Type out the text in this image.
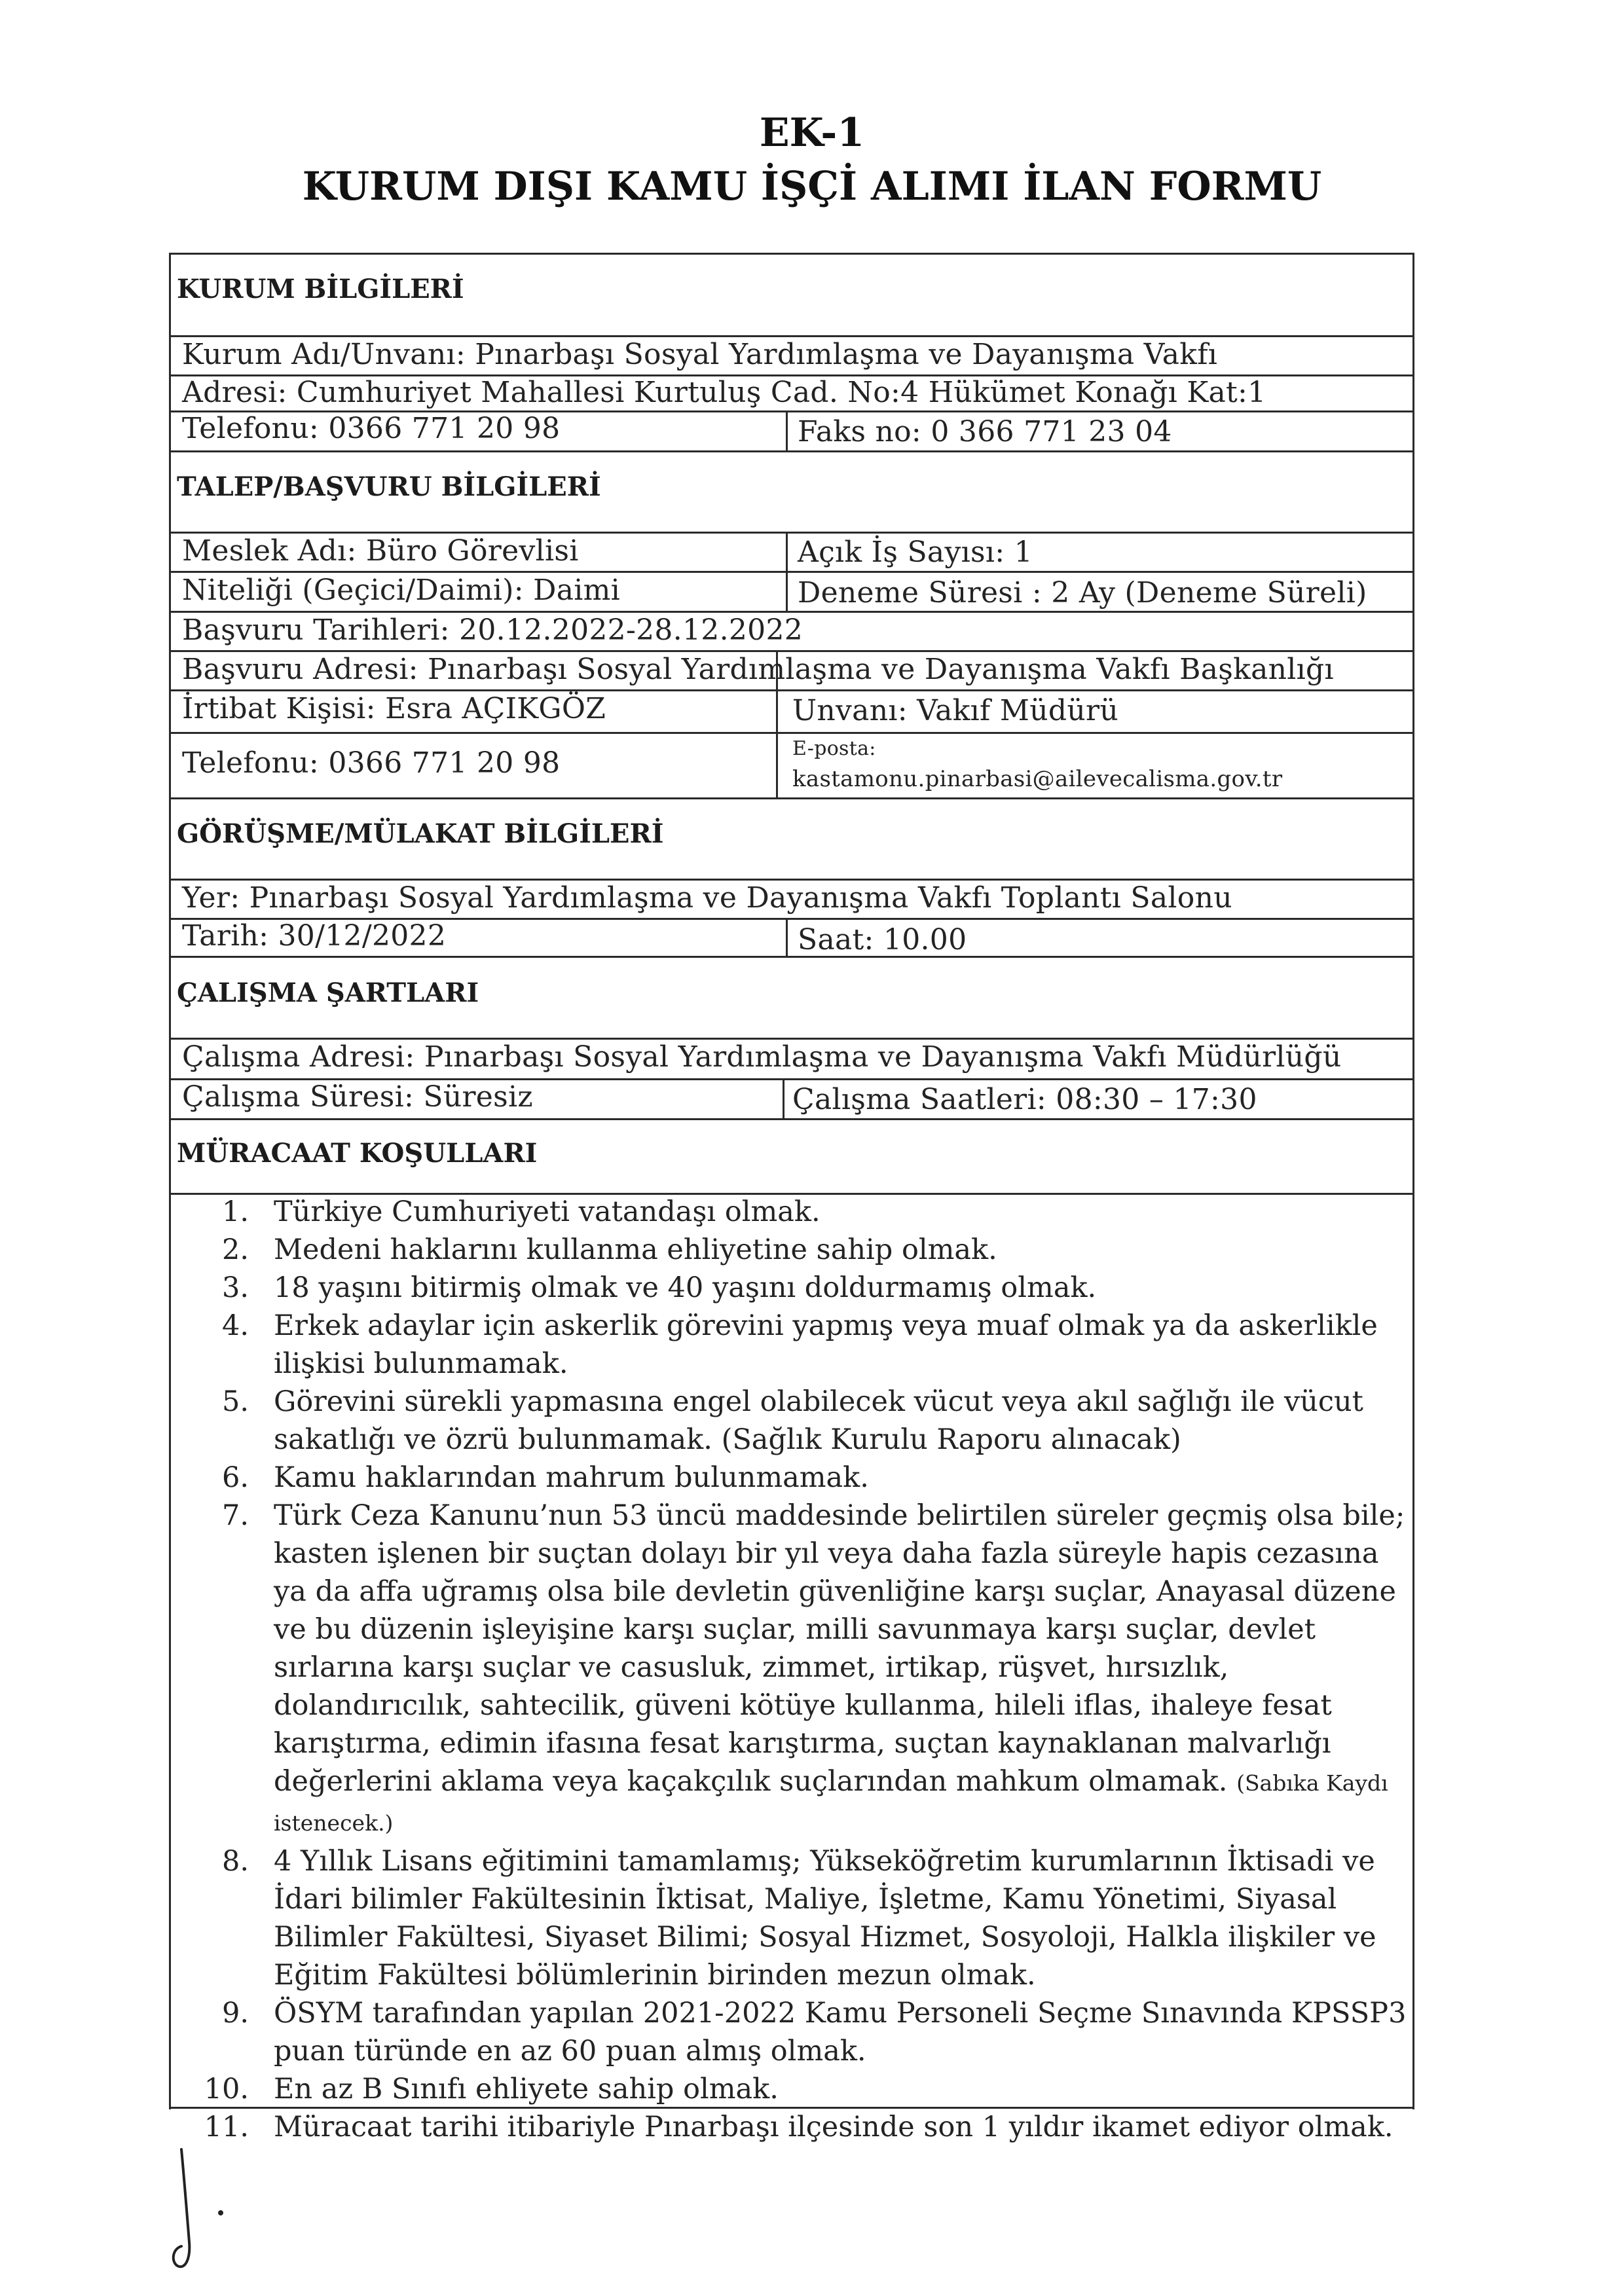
EK-1
KURUM DIŞI KAMU İŞÇİ ALIMI İLAN FORMU
KURUM BİLGİLERİ
Kurum Adı/Unvanı: Pınarbaşı Sosyal Yardımlaşma ve Dayanışma Vakfı
Adresi: Cumhuriyet Mahallesi Kurtuluş Cad. No:4 Hükümet Konağı Kat:1
Telefonu: 0366 771 20 98	Faks no: 0 366 771 23 04
TALEP/BAŞVURU BİLGİLERİ
Meslek Adı: Büro Görevlisi	Açık İş Sayısı: 1
Niteliği (Geçici/Daimi): Daimi	Deneme Süresi : 2 Ay (Deneme Süreli)
Başvuru Tarihleri: 20.12.2022-28.12.2022
Başvuru Adresi: Pınarbaşı Sosyal Yardımlaşma ve Dayanışma Vakfı Başkanlığı
İrtibat Kişisi: Esra AÇIKGÖZ	Unvanı: Vakıf Müdürü
Telefonu: 0366 771 20 98	E-posta:
kastamonu.pinarbasi@ailevecalisma.gov.tr
GÖRÜŞME/MÜLAKAT BİLGİLERİ
Yer: Pınarbaşı Sosyal Yardımlaşma ve Dayanışma Vakfı Toplantı Salonu
Tarih: 30/12/2022	Saat: 10.00
ÇALIŞMA ŞARTLARI
Çalışma Adresi: Pınarbaşı Sosyal Yardımlaşma ve Dayanışma Vakfı Müdürlüğü
Çalışma Süresi: Süresiz	Çalışma Saatleri: 08:30 – 17:30
MÜRACAAT KOŞULLARI
1. Türkiye Cumhuriyeti vatandaşı olmak.
2. Medeni haklarını kullanma ehliyetine sahip olmak.
3. 18 yaşını bitirmiş olmak ve 40 yaşını doldurmamış olmak.
4. Erkek adaylar için askerlik görevini yapmış veya muaf olmak ya da askerlikle ilişkisi bulunmamak.
5. Görevini sürekli yapmasına engel olabilecek vücut veya akıl sağlığı ile vücut sakatlığı ve özrü bulunmamak. (Sağlık Kurulu Raporu alınacak)
6. Kamu haklarından mahrum bulunmamak.
7. Türk Ceza Kanunu’nun 53 üncü maddesinde belirtilen süreler geçmiş olsa bile; kasten işlenen bir suçtan dolayı bir yıl veya daha fazla süreyle hapis cezasına ya da affa uğramış olsa bile devletin güvenliğine karşı suçlar, Anayasal düzene ve bu düzenin işleyişine karşı suçlar, milli savunmaya karşı suçlar, devlet sırlarına karşı suçlar ve casusluk, zimmet, irtikap, rüşvet, hırsızlık, dolandırıcılık, sahtecilik, güveni kötüye kullanma, hileli iflas, ihaleye fesat karıştırma, edimin ifasına fesat karıştırma, suçtan kaynaklanan malvarlığı değerlerini aklama veya kaçakçılık suçlarından mahkum olmamak. (Sabıka Kaydı istenecek.)
8. 4 Yıllık Lisans eğitimini tamamlamış; Yükseköğretim kurumlarının İktisadi ve İdari bilimler Fakültesinin İktisat, Maliye, İşletme, Kamu Yönetimi, Siyasal Bilimler Fakültesi, Siyaset Bilimi; Sosyal Hizmet, Sosyoloji, Halkla ilişkiler ve Eğitim Fakültesi bölümlerinin birinden mezun olmak.
9. ÖSYM tarafından yapılan 2021-2022 Kamu Personeli Seçme Sınavında KPSSP3 puan türünde en az 60 puan almış olmak.
10. En az B Sınıfı ehliyete sahip olmak.
11. Müracaat tarihi itibariyle Pınarbaşı ilçesinde son 1 yıldır ikamet ediyor olmak.
